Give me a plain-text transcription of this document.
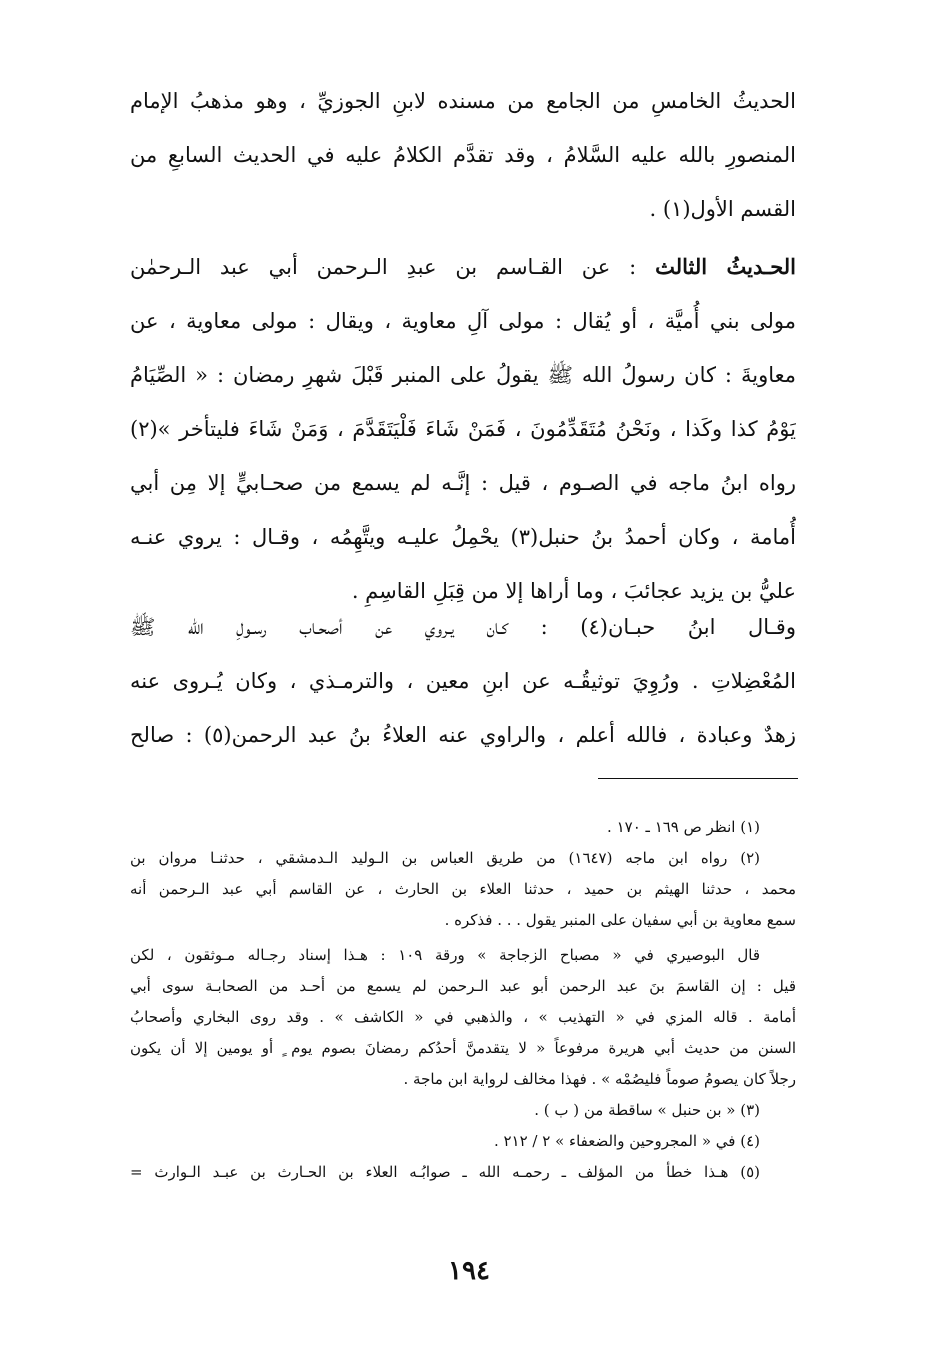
الحديثُ الخامسِ من الجامع من مسنده لابنِ الجوزيِّ ، وهو مذهبُ الإمام
المنصورِ بالله عليه السَّلامُ ، وقد تقدَّم الكلامُ عليه في الحديث السابعِ من
القسم الأول(١) .
الحـديثُ الثالث : عن القـاسم بن عبدِ الـرحمن أبي عبد الـرحمٰن
مولى بني أُميَّة ، أو يُقال : مولى آلِ معاوية ، ويقال : مولى معاوية ، عن
معاويةَ : كان رسولُ الله ﷺ يقولُ على المنبر قَبْلَ شهرِ رمضان : « الصِّيَامُ
يَوْمُ كذا وكَذا ، ونَحْنُ مُتَقَدِّمُونَ ، فَمَنْ شَاءَ فَلْيَتَقَدَّمَ ، وَمَنْ شَاءَ فليتأخر »(٢)
رواه ابنُ ماجه في الصـوم ، قيل : إنَّـه لم يسمع من صحـابيٍّ إلا مِن أبي
أُمامة ، وكان أحمدُ بنُ حنبل(٣) يحْمِلُ عليـه ويتَّهِمُه ، وقـال : يروي عنـه
عليُّ بن يزيد عجائبَ ، وما أراها إلا من قِبَلِ القاسِمِ .
وقـال ابنُ حبـان(٤) : كـان يـروي عن أصحـاب رسـولِ الله ﷺ
المُعْضِلاتِ . ورُوِيَ توثيقُـه عن ابنِ معين ، والترمـذي ، وكان يُـروى عنه
زهدٌ وعبادة ، فالله أعلم ، والراوي عنه العلاءُ بنُ عبد الرحمن(٥) : صالح
(١) انظر ص ١٦٩ ـ ١٧٠ .
(٢) رواه ابن ماجه (١٦٤٧) من طريق العباس بن الـوليد الـدمشقي ، حدثنـا مروان بن
محمد ، حدثنا الهيثم بن حميد ، حدثنا العلاء بن الحارث ، عن القاسم أبي عبد الـرحمن أنه
سمع معاوية بن أبي سفيان على المنبر يقول . . . فذكره .
قال البوصيري في « مصباح الزجاجة » ورقة ١٠٩ : هـذا إسناد رجـاله مـوثقون ، لكن
قيل : إن القاسمَ بنَ عبد الرحمن أبو عبد الـرحمن لم يسمع من أحـد من الصحابـة سوى أبي
أمامة . قاله المزي في « التهذيب » ، والذهبي في « الكاشف » . وقد روى البخاري وأصحابُ
السنن من حديث أبي هريرة مرفوعاً « لا يتقدمنَّ أحدُكم رمضانَ بصوم يوم ٍ أو يومين إلا أن يكون
رجلاً كان يصومُ صوماً فليصُمْه » . فهذا مخالف لرواية ابن ماجة .
(٣) « بن حنبل » ساقطة من ( ب ) .
(٤) في « المجروحين والضعفاء » ٢ / ٢١٢ .
(٥) هـذا خطأ من المؤلف ـ رحمـه الله ـ صوابُـه العلاء بن الحـارث بن عبـد الـوارث =
١٩٤
